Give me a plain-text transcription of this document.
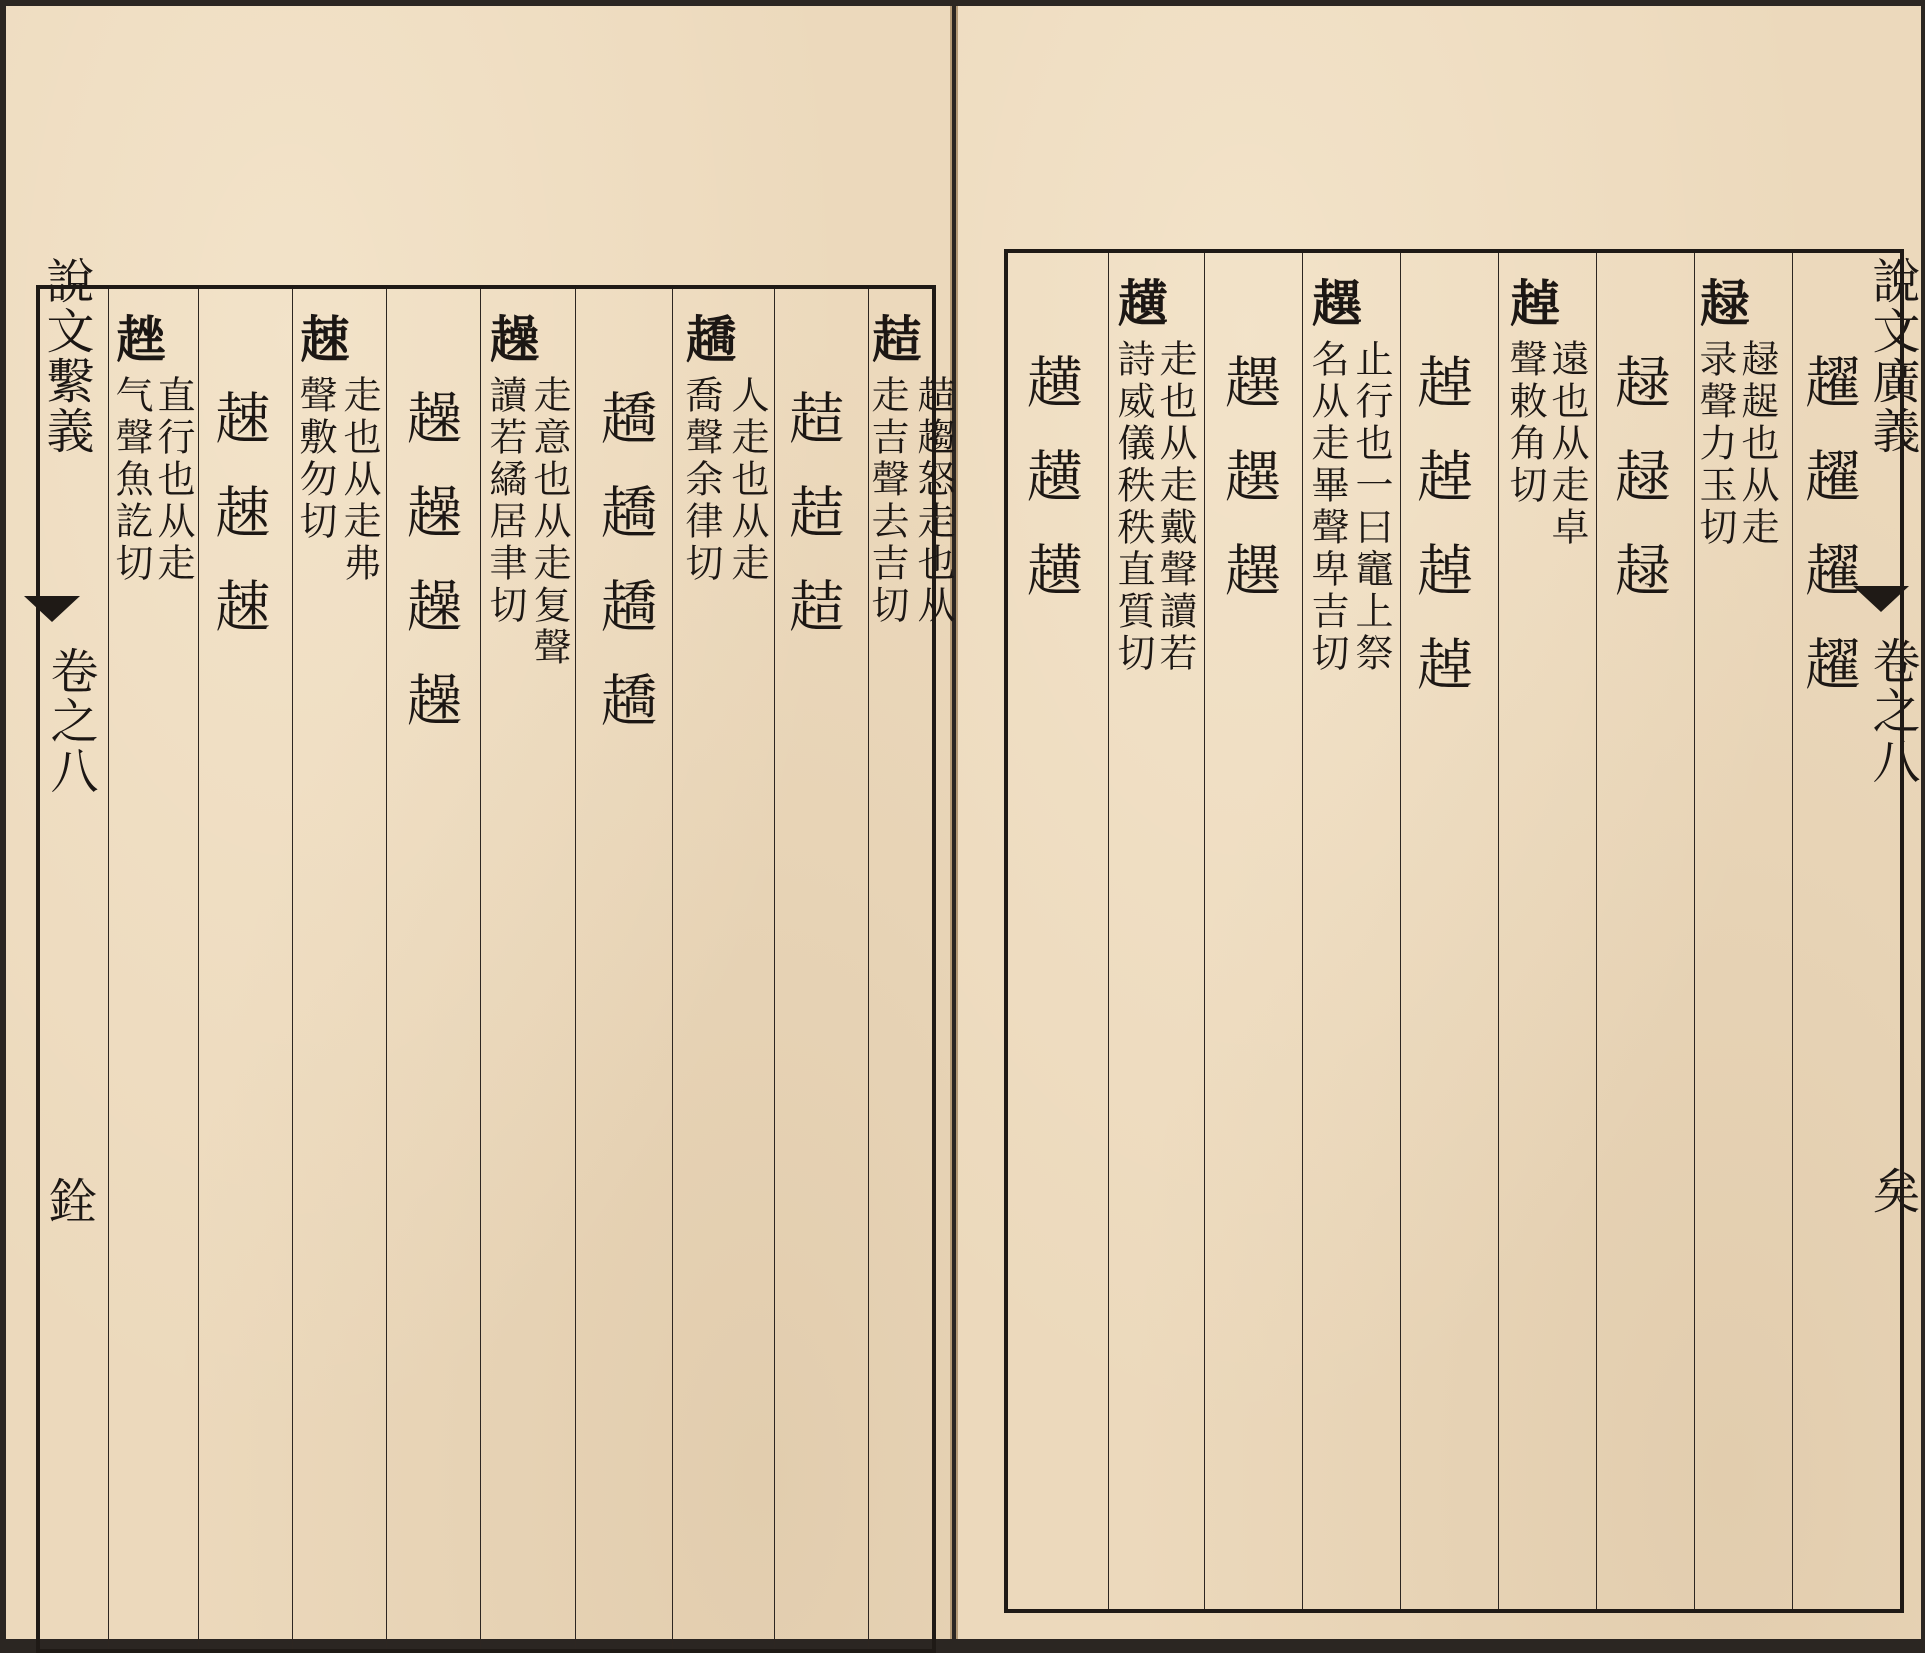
說文繫義
卷之八
銓
趌
趌趨怒走也从
走吉聲去吉切
趌趌趌
趫
人走也从走
喬聲余律切
趫趫趫趫
趮
走意也从走复聲
讀若繘居聿切
趮趮趮趮
趚
走也从走弗
聲敷勿切
趚趚趚
趖
直行也从走
气聲魚訖切
說文廣義
卷之八
矣
趯趯趯趯
趢
趢趗也从走
录聲力玉切
趢趢趢
趠
遠也从走卓
聲敕角切
趠趠趠趠
趩
止行也一曰竈上祭
名从走畢聲卑吉切
趩趩趩
趪
走也从走戴聲讀若
詩威儀秩秩直質切
趪趪趪
